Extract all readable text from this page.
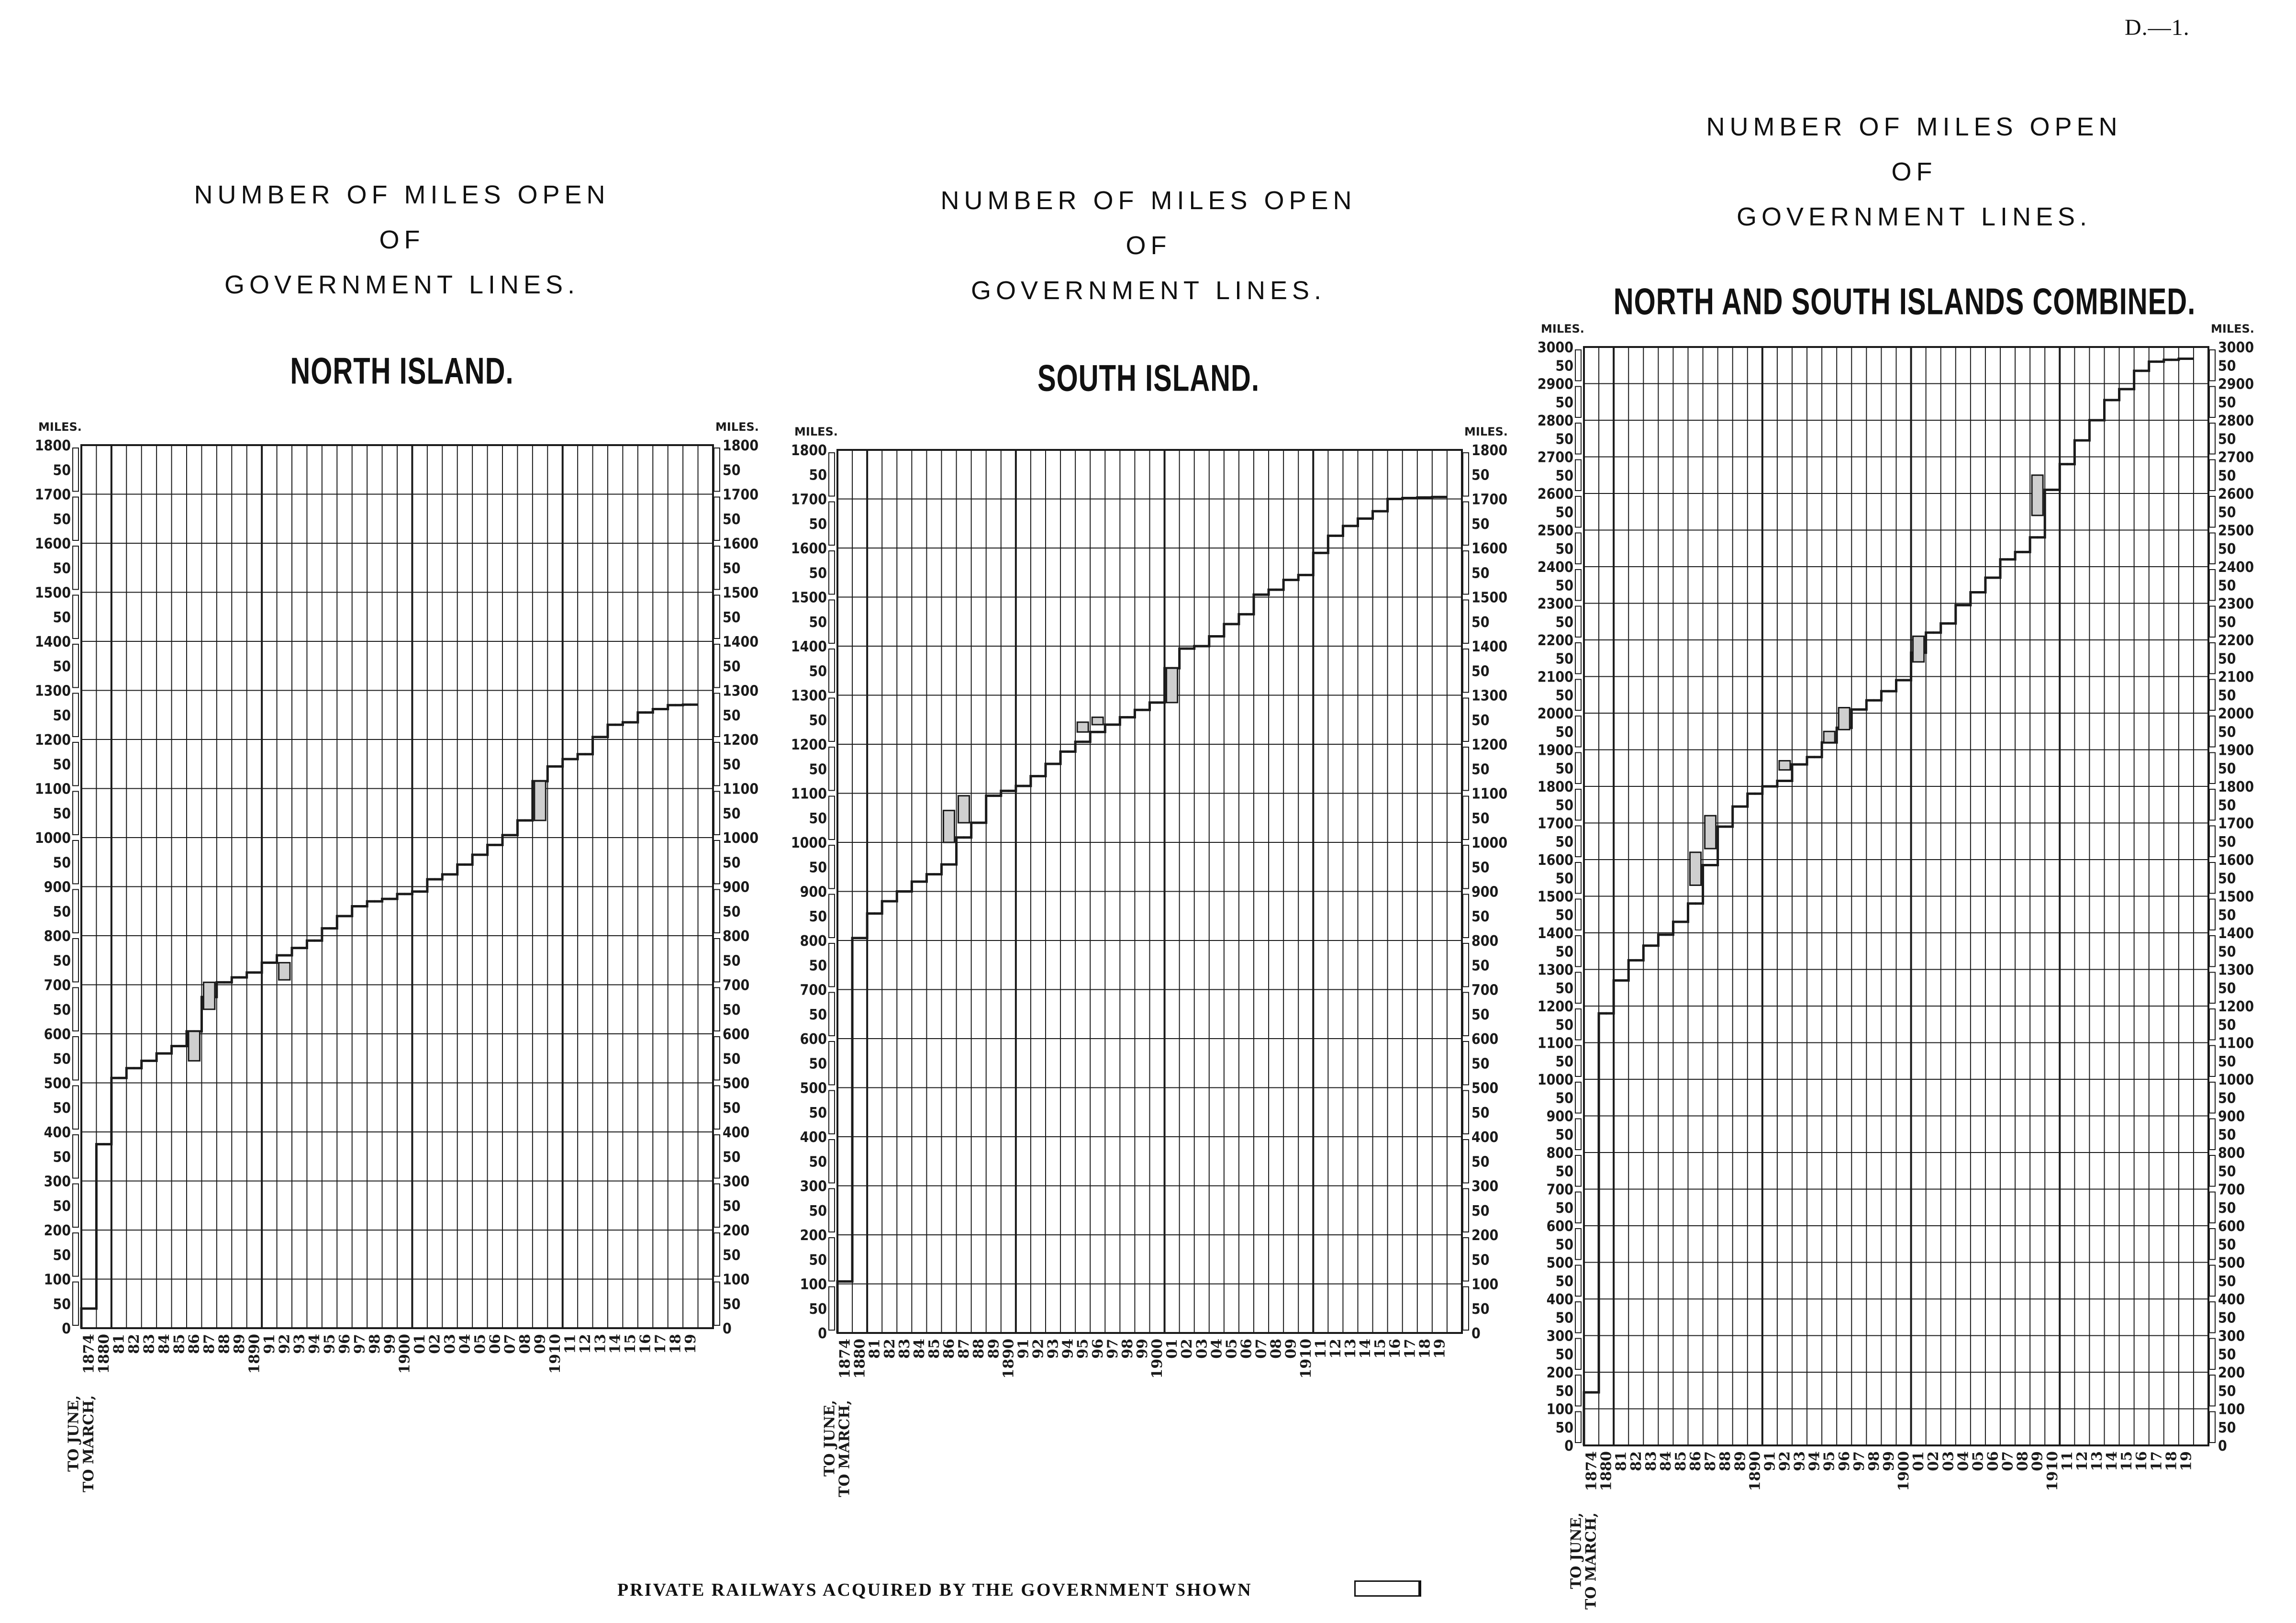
D.—1.
NUMBER OF MILES OPEN
OF
GOVERNMENT LINES.
NORTH ISLAND.
0	0
50	50
100	100
50	50
200	200
50	50
300	300
50	50
400	400
50	50
500	500
50	50
600	600
50	50
700	700
50	50
800	800
50	50
900	900
50	50
1000	1000
50	50
1100	1100
50	50
1200	1200
50	50
1300	1300
50	50
1400	1400
50	50
1500	1500
50	50
1600	1600
50	50
1700	1700
50	50
1800	1800
MILES.	MILES.
1874
1880
81
82
83
84
85
86
87
88
89
1890
91
92
93
94
95
96
97
98
99
1900
01
02
03
04
05
06
07
08
09
1910
11
12
13
14
15
16
17
18
19
TO JUNE,
TO MARCH,
NUMBER OF MILES OPEN
OF
GOVERNMENT LINES.
SOUTH ISLAND.
0	0
50	50
100	100
50	50
200	200
50	50
300	300
50	50
400	400
50	50
500	500
50	50
600	600
50	50
700	700
50	50
800	800
50	50
900	900
50	50
1000	1000
50	50
1100	1100
50	50
1200	1200
50	50
1300	1300
50	50
1400	1400
50	50
1500	1500
50	50
1600	1600
50	50
1700	1700
50	50
1800	1800
MILES.	MILES.
1874
1880
81
82
83
84
85
86
87
88
89
1890
91
92
93
94
95
96
97
98
99
1900
01
02
03
04
05
06
07
08
09
1910
11
12
13
14
15
16
17
18
19
TO JUNE,
TO MARCH,
NUMBER OF MILES OPEN
OF
GOVERNMENT LINES.
NORTH AND SOUTH ISLANDS COMBINED.
0	0
50	50
100	100
50	50
200	200
50	50
300	300
50	50
400	400
50	50
500	500
50	50
600	600
50	50
700	700
50	50
800	800
50	50
900	900
50	50
1000	1000
50	50
1100	1100
50	50
1200	1200
50	50
1300	1300
50	50
1400	1400
50	50
1500	1500
50	50
1600	1600
50	50
1700	1700
50	50
1800	1800
50	50
1900	1900
50	50
2000	2000
50	50
2100	2100
50	50
2200	2200
50	50
2300	2300
50	50
2400	2400
50	50
2500	2500
50	50
2600	2600
50	50
2700	2700
50	50
2800	2800
50	50
2900	2900
50	50
3000	3000
MILES.	MILES.
1874
1880
81
82
83
84
85
86
87
88
89
1890
91
92
93
94
95
96
97
98
99
1900
01
02
03
04
05
06
07
08
09
1910
11
12
13
14
15
16
17
18
19
TO JUNE,
TO MARCH,
PRIVATE RAILWAYS ACQUIRED BY THE GOVERNMENT SHOWN
